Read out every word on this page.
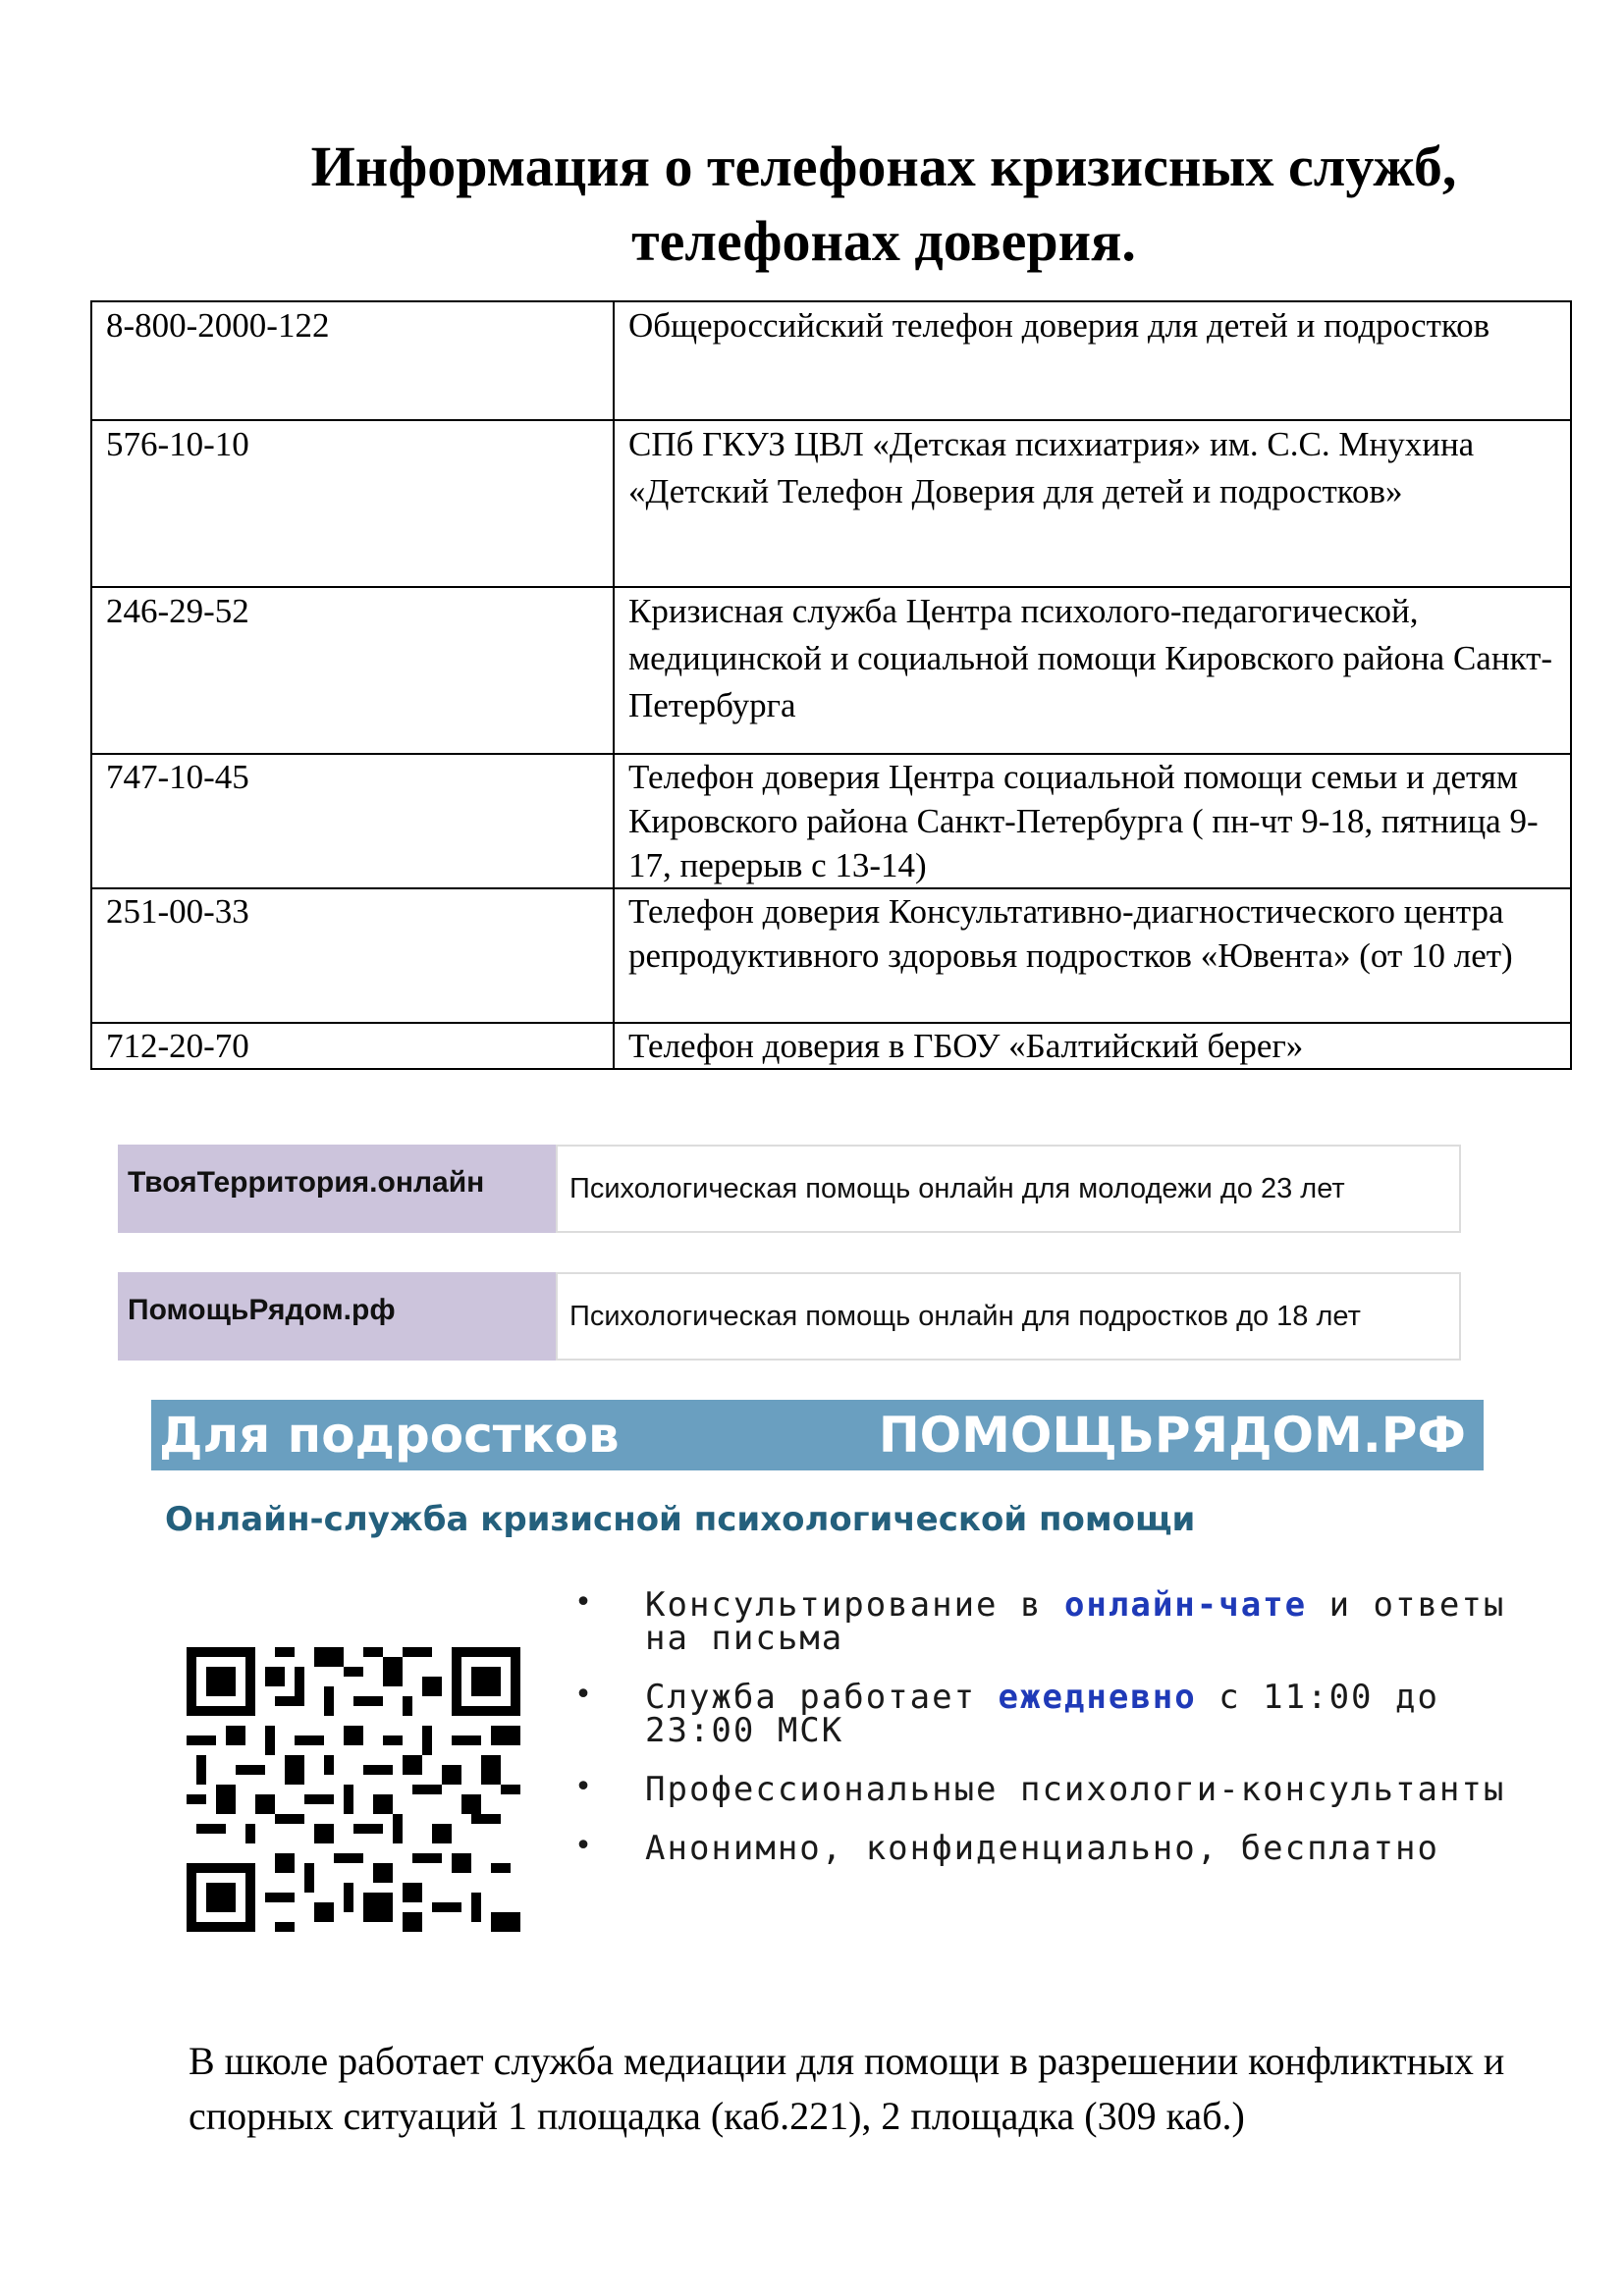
Информация о телефонах кризисных служб,
телефонах доверия.
8-800-2000-122	Общероссийский телефон доверия для детей и подростков
576-10-10	СПб ГКУЗ ЦВЛ «Детская психиатрия» им. С.С. Мнухина «Детский Телефон Доверия для детей и подростков»
246-29-52	Кризисная служба Центра психолого-педагогической, медицинской и социальной помощи Кировского района Санкт-Петербурга
747-10-45	Телефон доверия Центра социальной помощи семьи и детям Кировского района Санкт-Петербурга ( пн-чт 9-18, пятница 9-17, перерыв с 13-14)
251-00-33	Телефон доверия Консультативно-диагностического центра репродуктивного здоровья подростков «Ювента» (от 10 лет)
712-20-70	Телефон доверия в ГБОУ «Балтийский берег»
ТвояТерритория.онлайн	Психологическая помощь онлайн для молодежи до 23 лет
ПомощьРядом.рф	Психологическая помощь онлайн для подростков до 18 лет
Для подростков	ПОМОЩЬРЯДОМ.РФ
Онлайн-служба кризисной психологической помощи
• Консультирование в онлайн-чате и ответы на письма
• Служба работает ежедневно с 11:00 до 23:00 МСК
• Профессиональные психологи-консультанты
• Анонимно, конфиденциально, бесплатно
В школе работает служба медиации для помощи в разрешении конфликтных и спорных ситуаций 1 площадка (каб.221), 2 площадка (309 каб.)
